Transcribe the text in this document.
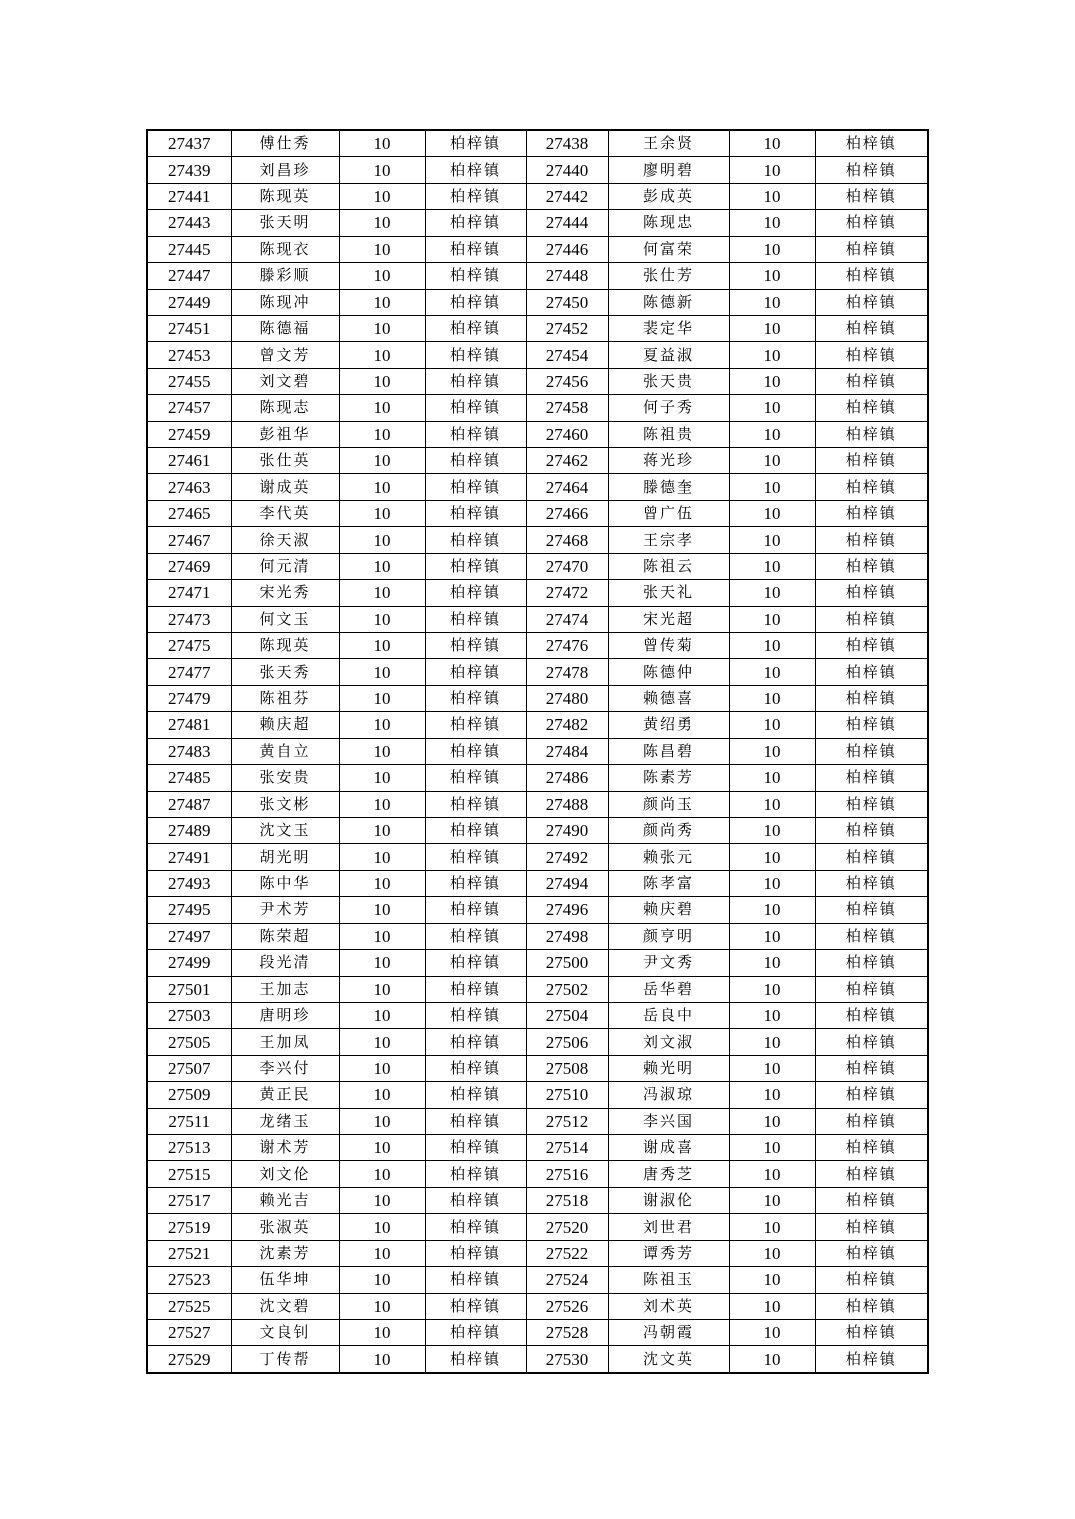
27437	傅仕秀	10	柏梓镇	27438	王余贤	10	柏梓镇
27439	刘昌珍	10	柏梓镇	27440	廖明碧	10	柏梓镇
27441	陈现英	10	柏梓镇	27442	彭成英	10	柏梓镇
27443	张天明	10	柏梓镇	27444	陈现忠	10	柏梓镇
27445	陈现衣	10	柏梓镇	27446	何富荣	10	柏梓镇
27447	滕彩顺	10	柏梓镇	27448	张仕芳	10	柏梓镇
27449	陈现冲	10	柏梓镇	27450	陈德新	10	柏梓镇
27451	陈德福	10	柏梓镇	27452	裴定华	10	柏梓镇
27453	曾文芳	10	柏梓镇	27454	夏益淑	10	柏梓镇
27455	刘文碧	10	柏梓镇	27456	张天贵	10	柏梓镇
27457	陈现志	10	柏梓镇	27458	何子秀	10	柏梓镇
27459	彭祖华	10	柏梓镇	27460	陈祖贵	10	柏梓镇
27461	张仕英	10	柏梓镇	27462	蒋光珍	10	柏梓镇
27463	谢成英	10	柏梓镇	27464	滕德奎	10	柏梓镇
27465	李代英	10	柏梓镇	27466	曾广伍	10	柏梓镇
27467	徐天淑	10	柏梓镇	27468	王宗孝	10	柏梓镇
27469	何元清	10	柏梓镇	27470	陈祖云	10	柏梓镇
27471	宋光秀	10	柏梓镇	27472	张天礼	10	柏梓镇
27473	何文玉	10	柏梓镇	27474	宋光超	10	柏梓镇
27475	陈现英	10	柏梓镇	27476	曾传菊	10	柏梓镇
27477	张天秀	10	柏梓镇	27478	陈德仲	10	柏梓镇
27479	陈祖芬	10	柏梓镇	27480	赖德喜	10	柏梓镇
27481	赖庆超	10	柏梓镇	27482	黄绍勇	10	柏梓镇
27483	黄自立	10	柏梓镇	27484	陈昌碧	10	柏梓镇
27485	张安贵	10	柏梓镇	27486	陈素芳	10	柏梓镇
27487	张文彬	10	柏梓镇	27488	颜尚玉	10	柏梓镇
27489	沈文玉	10	柏梓镇	27490	颜尚秀	10	柏梓镇
27491	胡光明	10	柏梓镇	27492	赖张元	10	柏梓镇
27493	陈中华	10	柏梓镇	27494	陈孝富	10	柏梓镇
27495	尹术芳	10	柏梓镇	27496	赖庆碧	10	柏梓镇
27497	陈荣超	10	柏梓镇	27498	颜亨明	10	柏梓镇
27499	段光清	10	柏梓镇	27500	尹文秀	10	柏梓镇
27501	王加志	10	柏梓镇	27502	岳华碧	10	柏梓镇
27503	唐明珍	10	柏梓镇	27504	岳良中	10	柏梓镇
27505	王加凤	10	柏梓镇	27506	刘文淑	10	柏梓镇
27507	李兴付	10	柏梓镇	27508	赖光明	10	柏梓镇
27509	黄正民	10	柏梓镇	27510	冯淑琼	10	柏梓镇
27511	龙绪玉	10	柏梓镇	27512	李兴国	10	柏梓镇
27513	谢术芳	10	柏梓镇	27514	谢成喜	10	柏梓镇
27515	刘文伦	10	柏梓镇	27516	唐秀芝	10	柏梓镇
27517	赖光吉	10	柏梓镇	27518	谢淑伦	10	柏梓镇
27519	张淑英	10	柏梓镇	27520	刘世君	10	柏梓镇
27521	沈素芳	10	柏梓镇	27522	谭秀芳	10	柏梓镇
27523	伍华坤	10	柏梓镇	27524	陈祖玉	10	柏梓镇
27525	沈文碧	10	柏梓镇	27526	刘术英	10	柏梓镇
27527	文良钊	10	柏梓镇	27528	冯朝霞	10	柏梓镇
27529	丁传帮	10	柏梓镇	27530	沈文英	10	柏梓镇
